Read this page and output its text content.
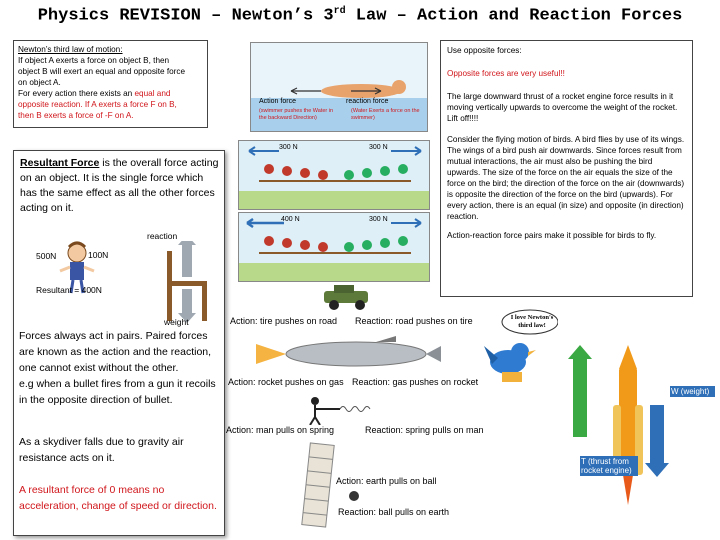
Physics REVISION – Newton’s 3rd Law – Action and Reaction Forces
Newton’s third law of motion:
If object A exerts a force on object B, then
object B will exert an equal and opposite force
on object A.
For every action there exists an equal and
opposite reaction. If A exerts a force F on B,
then B exerts a force of -F on A.
Action force
(swimmer pushes the Water in the backward Direction)
reaction force
(Water Exerts a force on the swimmer)

Use opposite forces:

Opposite forces are very useful!!

The large downward thrust of a rocket engine force results in it moving vertically upwards to overcome the weight of the rocket. Lift off!!!!

Consider the flying motion of birds. A bird flies by use of its wings. The wings of a bird push air downwards. Since forces result from mutual interactions, the air must also be pushing the bird upwards. The size of the force on the air equals the size of the force on the bird; the direction of the force on the air (downwards) is opposite the direction of the force on the bird (upwards). For every action, there is an equal (in size) and opposite (in direction) reaction.

Action-reaction force pairs make it possible for birds to fly.

300 N	300 N
400 N	300 N
Resultant Force is the overall force acting on an object. It is the single force which has the same effect as all the other forces acting on it.
reaction
500N	100N
Resultant = 400N
weight
Forces always act in pairs. Paired forces are known as the action and the reaction, one cannot exist without the other.
e.g when a bullet fires from a gun it recoils in the opposite direction of bullet.
As a skydiver falls due to gravity air resistance acts on it.
A resultant force of 0 means no acceleration, change of speed or direction.
Action: tire pushes on road Reaction: road pushes on tire
Action: rocket pushes on gas Reaction: gas pushes on rocket
Action: man pulls on spring	Reaction: spring pulls on man
Action: earth pulls on ball
Reaction: ball pulls on earth
I love Newton's third law!
W (weight)
T (thrust from rocket engine)
